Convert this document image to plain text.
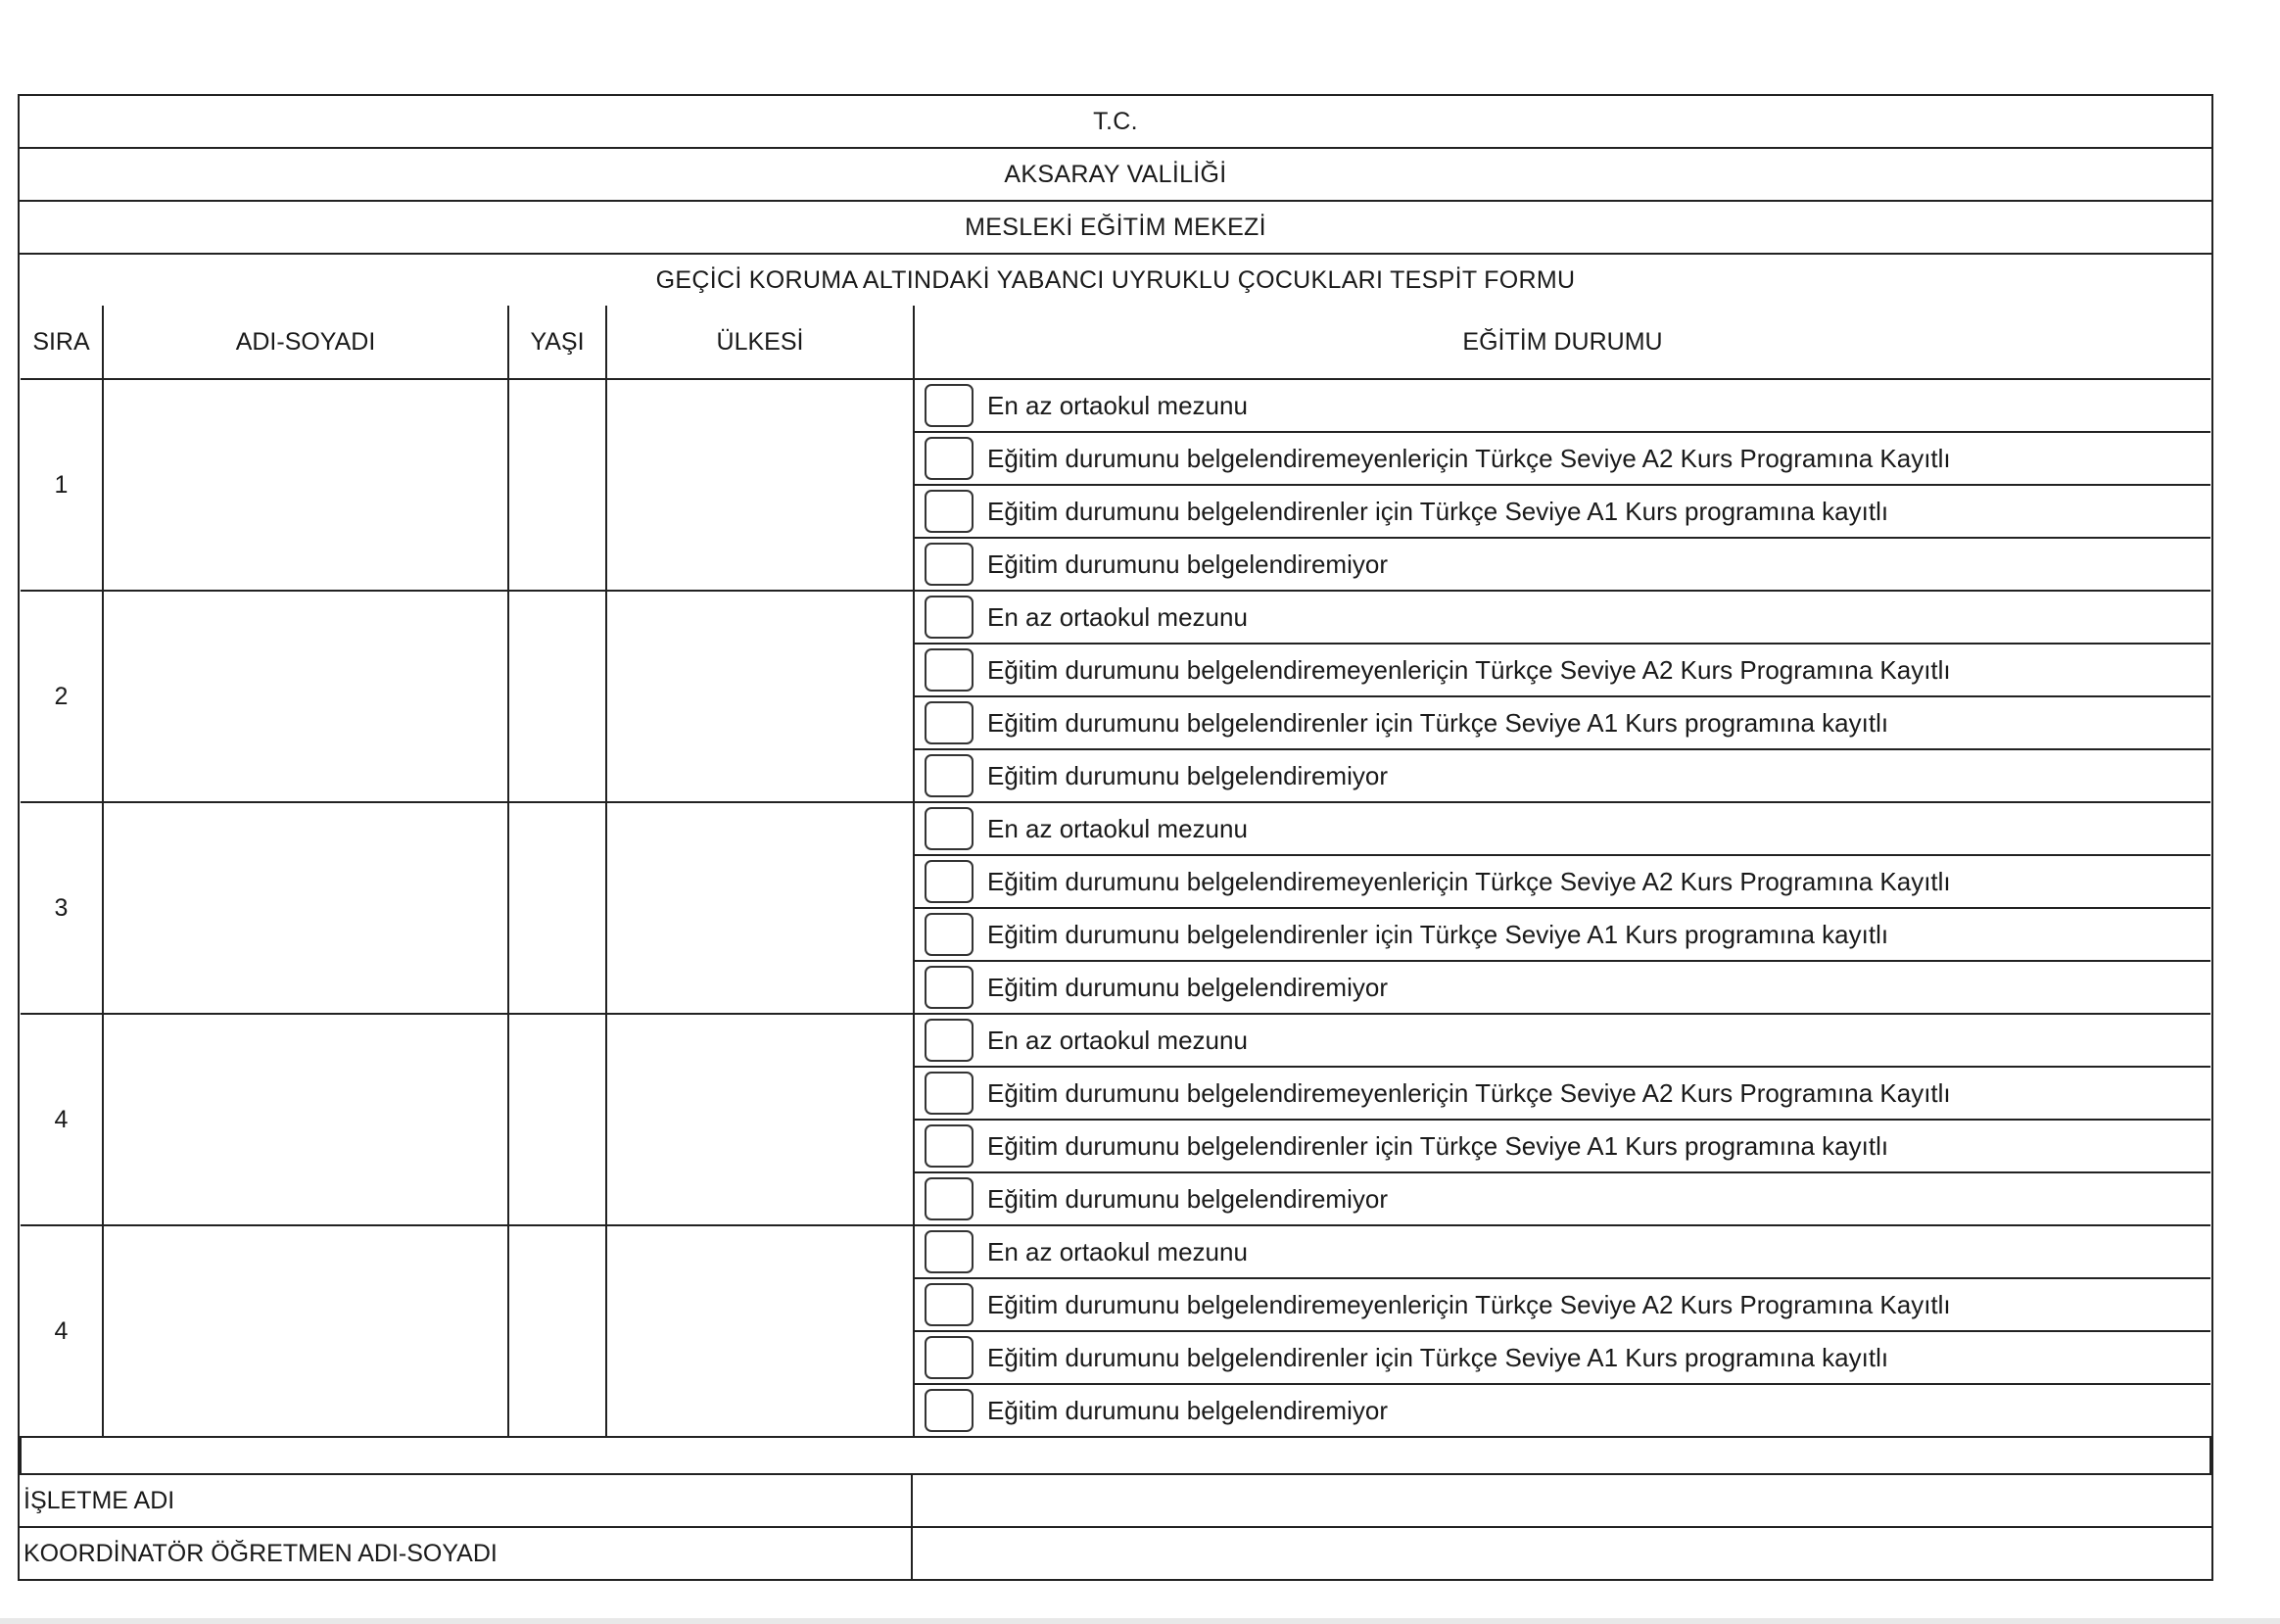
T.C.
AKSARAY VALİLİĞİ
MESLEKİ EĞİTİM MEKEZİ
GEÇİCİ KORUMA ALTINDAKİ YABANCI UYRUKLU ÇOCUKLARI TESPİT FORMU
SIRA	ADI-SOYADI	YAŞI	ÜLKESİ	EĞİTİM DURUMU
1				En az ortaokul mezunu

				Eğitim durumunu belgelendiremeyenleriçin Türkçe Seviye A2 Kurs Programına Kayıtlı

				Eğitim durumunu belgelendirenler için Türkçe Seviye A1 Kurs programına kayıtlı

				Eğitim durumunu belgelendiremiyor

2				En az ortaokul mezunu

				Eğitim durumunu belgelendiremeyenleriçin Türkçe Seviye A2 Kurs Programına Kayıtlı

				Eğitim durumunu belgelendirenler için Türkçe Seviye A1 Kurs programına kayıtlı

				Eğitim durumunu belgelendiremiyor

3				En az ortaokul mezunu

				Eğitim durumunu belgelendiremeyenleriçin Türkçe Seviye A2 Kurs Programına Kayıtlı

				Eğitim durumunu belgelendirenler için Türkçe Seviye A1 Kurs programına kayıtlı

				Eğitim durumunu belgelendiremiyor

4				En az ortaokul mezunu

				Eğitim durumunu belgelendiremeyenleriçin Türkçe Seviye A2 Kurs Programına Kayıtlı

				Eğitim durumunu belgelendirenler için Türkçe Seviye A1 Kurs programına kayıtlı

				Eğitim durumunu belgelendiremiyor

4				En az ortaokul mezunu

				Eğitim durumunu belgelendiremeyenleriçin Türkçe Seviye A2 Kurs Programına Kayıtlı

				Eğitim durumunu belgelendirenler için Türkçe Seviye A1 Kurs programına kayıtlı

				Eğitim durumunu belgelendiremiyor

İŞLETME ADI
KOORDİNATÖR ÖĞRETMEN ADI-SOYADI
